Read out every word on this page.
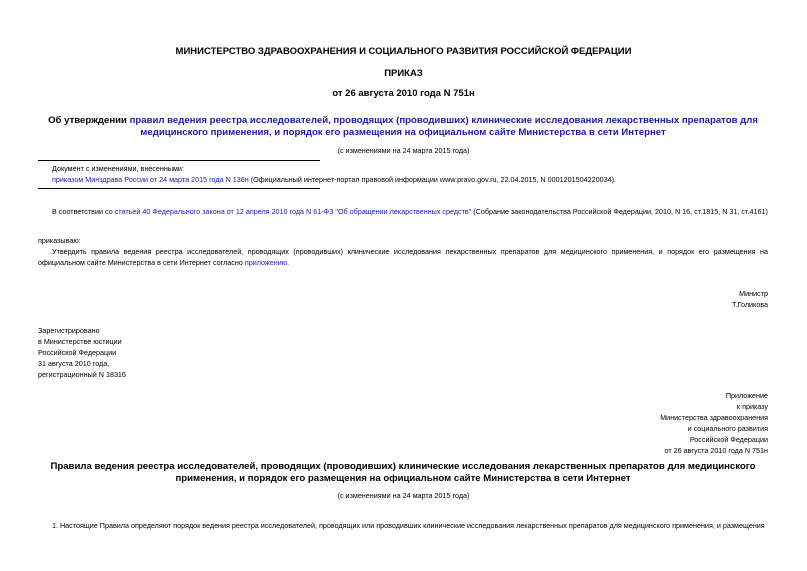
МИНИСТЕРСТВО ЗДРАВООХРАНЕНИЯ И СОЦИАЛЬНОГО РАЗВИТИЯ РОССИЙСКОЙ ФЕДЕРАЦИИ
ПРИКАЗ
от 26 августа 2010 года N 751н
Об утверждении правил ведения реестра исследователей, проводящих (проводивших) клинические исследования лекарственных препаратов для медицинского применения, и порядок его размещения на официальном сайте Министерства в сети Интернет
(с изменениями на 24 марта 2015 года)
Документ с изменениями, внесенными:
приказом Минздрава России от 24 марта 2015 года N 136н (Официальный интернет-портал правовой информации www.pravo.gov.ru, 22.04.2015, N 0001201504220034).
В соответствии со статьей 40 Федерального закона от 12 апреля 2010 года N 61-ФЗ "Об обращении лекарственных средств" (Собрание законодательства Российской Федерации, 2010, N 16, ст.1815, N 31, ст.4161)
приказываю:
Утвердить правила ведения реестра исследователей, проводящих (проводивших) клинические исследования лекарственных препаратов для медицинского применения, и порядок его размещения на официальном сайте Министерства в сети Интернет согласно приложению.
Министр
Т.Голикова
Зарегистрировано
в Министерстве юстиции
Российской Федерации
31 августа 2010 года,
регистрационный N 18316
Приложение
к приказу
Министерства здравоохранения
и социального развития
Российской Федерации
от 26 августа 2010 года N 751н
Правила ведения реестра исследователей, проводящих (проводивших) клинические исследования лекарственных препаратов для медицинского применения, и порядок его размещения на официальном сайте Министерства в сети Интернет
(с изменениями на 24 марта 2015 года)
1. Настоящие Правила определяют порядок ведения реестра исследователей, проводящих или проводивших клинические исследования лекарственных препаратов для медицинского применения, и размещения
